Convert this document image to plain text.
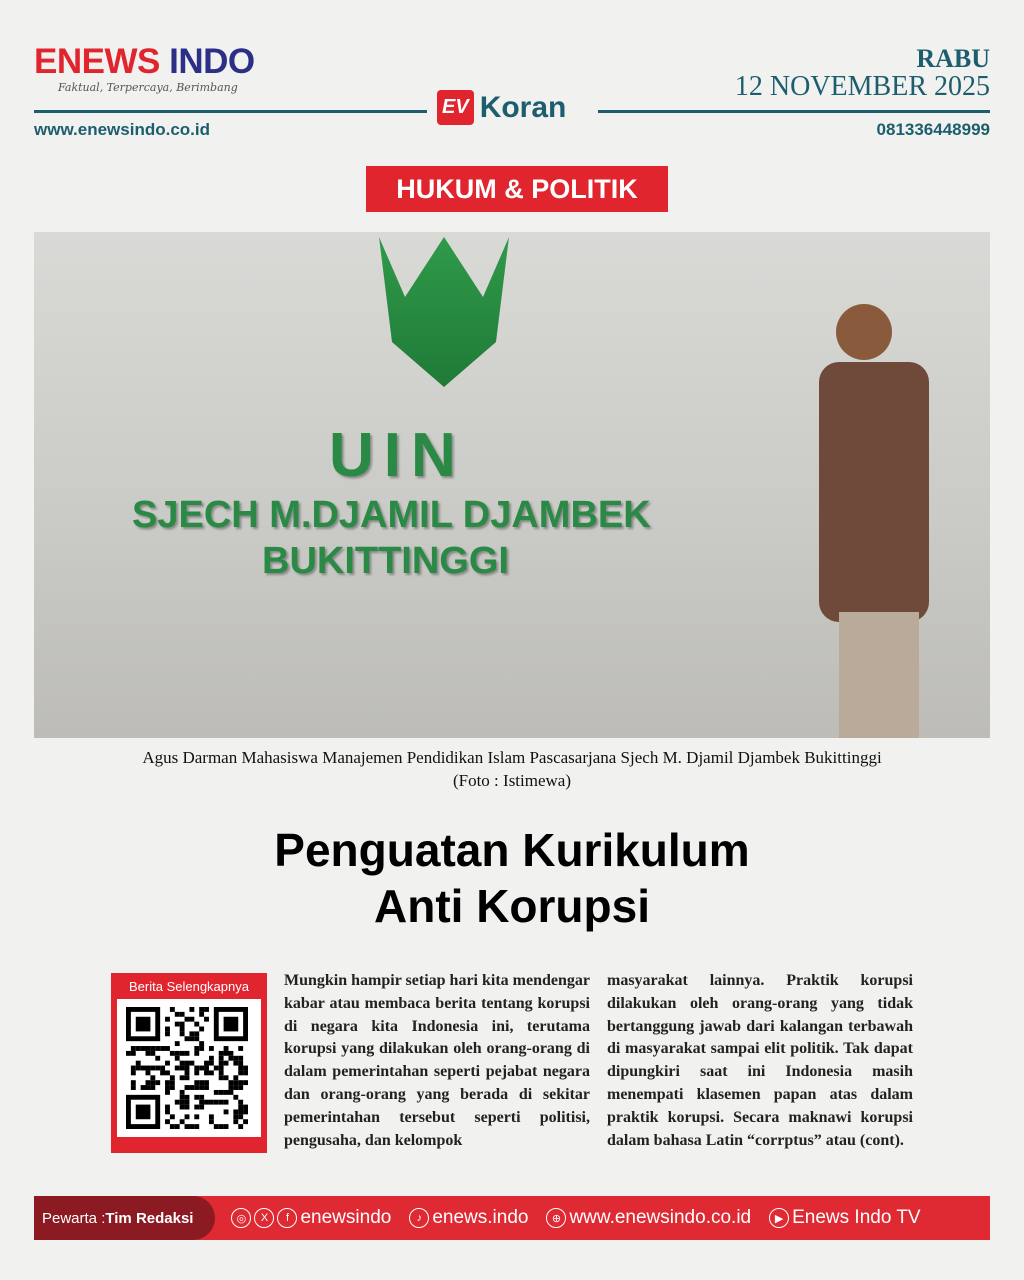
ENEWS INDO
Faktual, Terpercaya, Berimbang
EV Koran
www.enewsindo.co.id	081336448999
RABU
12 NOVEMBER 2025
HUKUM & POLITIK
UIN
SJECH M.DJAMIL DJAMBEK
BUKITTINGGI
Agus Darman Mahasiswa Manajemen Pendidikan Islam Pascasarjana Sjech M. Djamil Djambek Bukittinggi
(Foto : Istimewa)
Penguatan Kurikulum
Anti Korupsi
Berita Selengkapnya	Mungkin hampir setiap hari kita mendengar kabar atau membaca berita tentang korupsi di negara kita Indonesia ini, terutama korupsi yang dilakukan oleh orang-orang di dalam pemerintahan seperti pejabat negara dan orang-orang yang berada di sekitar pemerintahan tersebut seperti politisi, pengusaha, dan kelompok
masyarakat lainnya. Praktik korupsi dilakukan oleh orang-orang yang tidak bertanggung jawab dari kalangan terbawah di masyarakat sampai elit politik. Tak dapat dipungkiri saat ini Indonesia masih menempati klasemen papan atas dalam praktik korupsi. Secara maknawi korupsi dalam bahasa Latin “corrptus” atau (cont).
Pewarta : Tim Redaksi	◎	X	f enewsindo	♪ enews.indo	⊕ www.enewsindo.co.id	▶ Enews Indo TV
